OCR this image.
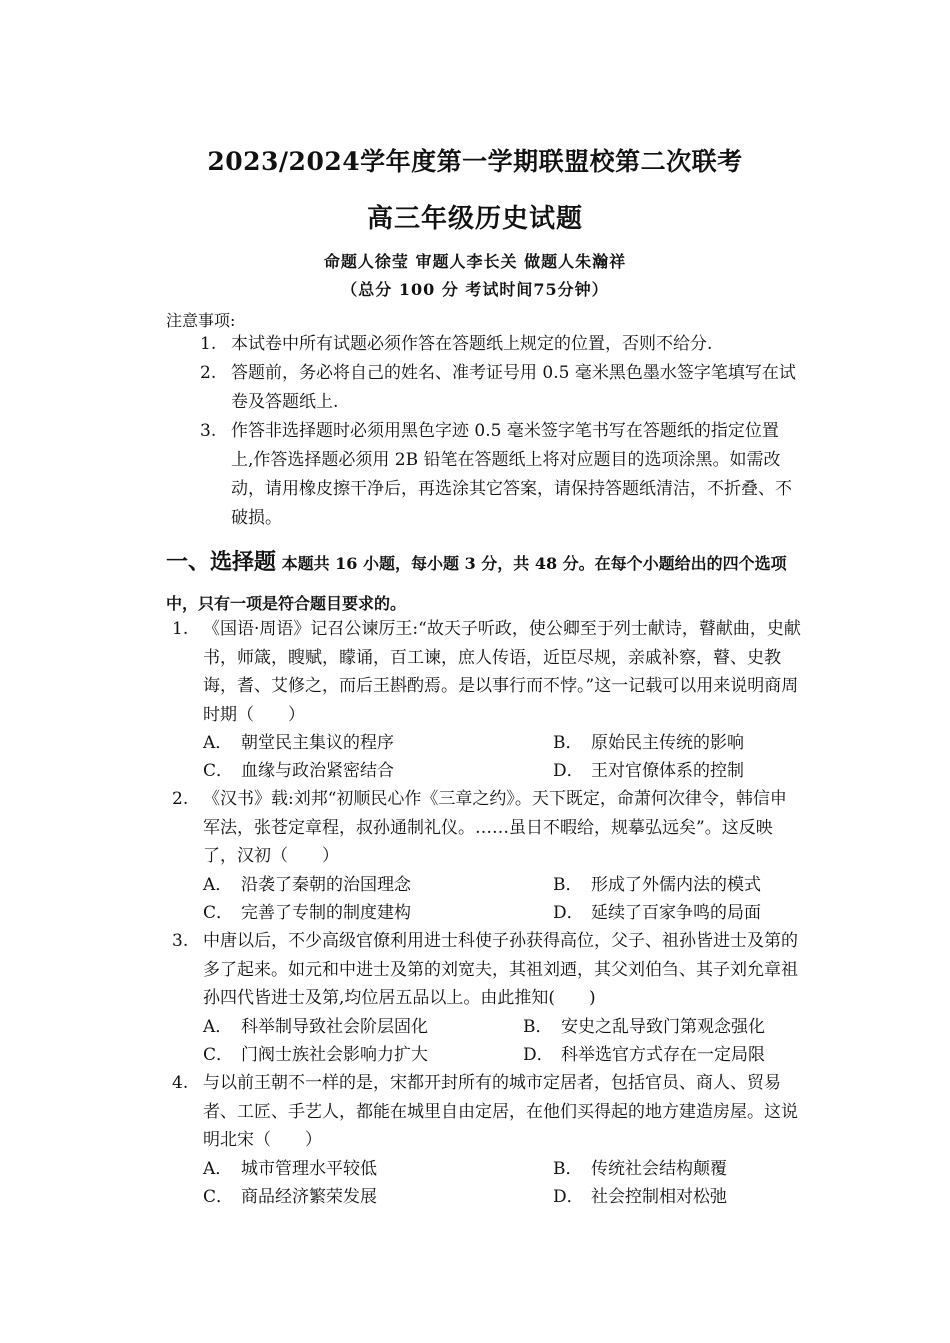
2023/2024学年度第一学期联盟校第二次联考
高三年级历史试题
命题人徐莹 审题人李长关 做题人朱瀚祥
（总分 100 分 考试时间75分钟）
注意事项:
1. 本试卷中所有试题必须作答在答题纸上规定的位置，否则不给分.
2. 答题前，务必将自己的姓名、准考证号用 0.5 毫米黑色墨水签字笔填写在试卷及答题纸上.
3. 作答非选择题时必须用黑色字迹 0.5 毫米签字笔书写在答题纸的指定位置上,作答选择题必须用 2B 铅笔在答题纸上将对应题目的选项涂黑。如需改动，请用橡皮擦干净后，再选涂其它答案，请保持答题纸清洁，不折叠、不破损。
一、选择题 本题共 16 小题，每小题 3 分，共 48 分。在每个小题给出的四个选项中，只有一项是符合题目要求的。
1. 《国语·周语》记召公谏厉王:“故天子听政，使公卿至于列士献诗，瞽献曲，史献书，师箴，瞍赋，矇诵，百工谏，庶人传语，近臣尽规，亲戚补察，瞽、史教诲，耆、艾修之，而后王斟酌焉。是以事行而不悖。”这一记载可以用来说明商周时期（　　）
A． 朝堂民主集议的程序	B． 原始民主传统的影响
C． 血缘与政治紧密结合	D． 王对官僚体系的控制
2. 《汉书》载:刘邦“初顺民心作《三章之约》。天下既定，命萧何次律令，韩信申军法，张苍定章程，叔孙通制礼仪。……虽日不暇给，规摹弘远矣”。这反映了，汉初（　　）
A． 沿袭了秦朝的治国理念	B． 形成了外儒内法的模式
C． 完善了专制的制度建构	D． 延续了百家争鸣的局面
3. 中唐以后，不少高级官僚利用进士科使子孙获得高位，父子、祖孙皆进士及第的多了起来。如元和中进士及第的刘宽夫，其祖刘迺，其父刘伯刍、其子刘允章祖孙四代皆进士及第,均位居五品以上。由此推知(　　)
A． 科举制导致社会阶层固化	B． 安史之乱导致门第观念强化
C． 门阀士族社会影响力扩大	D． 科举选官方式存在一定局限
4. 与以前王朝不一样的是，宋都开封所有的城市定居者，包括官员、商人、贸易者、工匠、手艺人，都能在城里自由定居，在他们买得起的地方建造房屋。这说明北宋（　　）
A． 城市管理水平较低	B． 传统社会结构颠覆
C． 商品经济繁荣发展	D． 社会控制相对松弛
